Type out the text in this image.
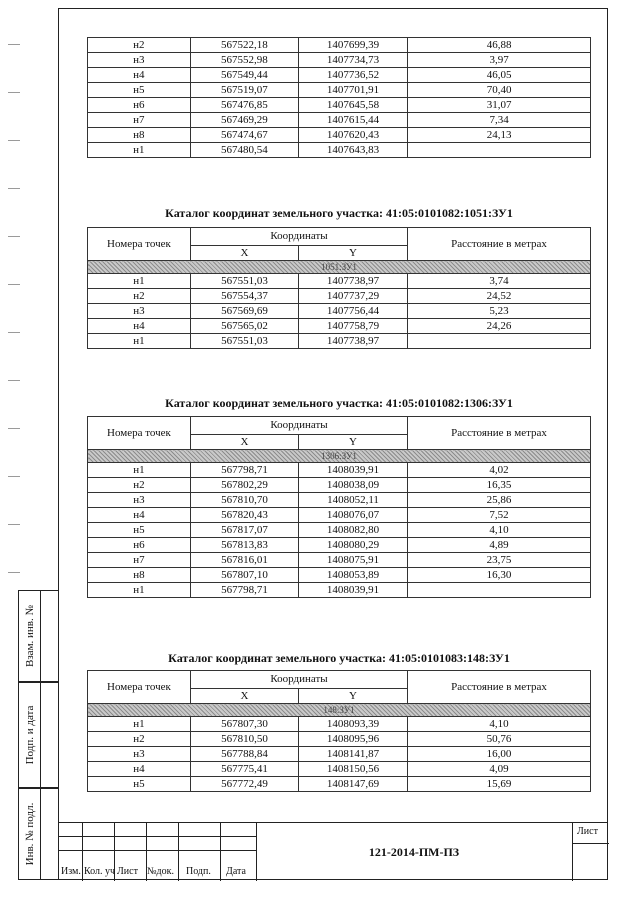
Взам. инв. №
Подп. и дата
Инв. № подл.
н2	567522,18	1407699,39	46,88
н3	567552,98	1407734,73	3,97
н4	567549,44	1407736,52	46,05
н5	567519,07	1407701,91	70,40
н6	567476,85	1407645,58	31,07
н7	567469,29	1407615,44	7,34
н8	567474,67	1407620,43	24,13
н1	567480,54	1407643,83	
Каталог координат земельного участка: 41:05:0101082:1051:ЗУ1
Номера точек	Координаты		Расстояние в метрах
	X	Y	
1051:ЗУ1			
н1	567551,03	1407738,97	3,74
н2	567554,37	1407737,29	24,52
н3	567569,69	1407756,44	5,23
н4	567565,02	1407758,79	24,26
н1	567551,03	1407738,97	
Каталог координат земельного участка: 41:05:0101082:1306:ЗУ1
Номера точек	Координаты		Расстояние в метрах
	X	Y	
1306:ЗУ1			
н1	567798,71	1408039,91	4,02
н2	567802,29	1408038,09	16,35
н3	567810,70	1408052,11	25,86
н4	567820,43	1408076,07	7,52
н5	567817,07	1408082,80	4,10
н6	567813,83	1408080,29	4,89
н7	567816,01	1408075,91	23,75
н8	567807,10	1408053,89	16,30
н1	567798,71	1408039,91	
Каталог координат земельного участка: 41:05:0101083:148:ЗУ1
Номера точек	Координаты		Расстояние в метрах
	X	Y	
148:ЗУ1			
н1	567807,30	1408093,39	4,10
н2	567810,50	1408095,96	50,76
н3	567788,84	1408141,87	16,00
н4	567775,41	1408150,56	4,09
н5	567772,49	1408147,69	15,69
Изм. Кол. уч Лист №док. Подп. Дата
121-2014-ПМ-ПЗ
Лист
